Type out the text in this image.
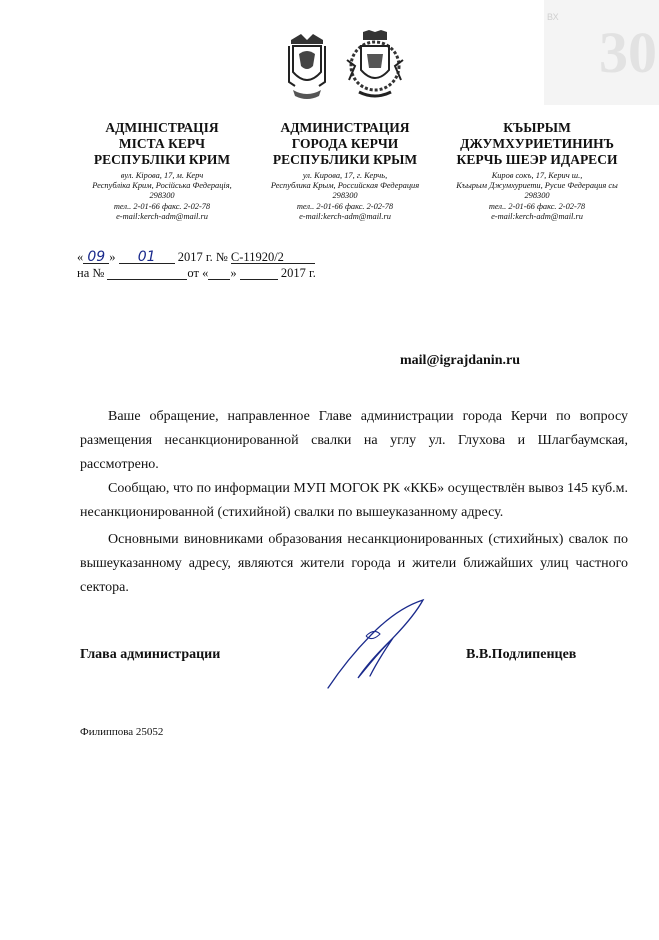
30
ВХ
АДМІНІСТРАЦІЯ
МІСТА КЕРЧ
РЕСПУБЛІКИ КРИМ
вул. Кірова, 17, м. Керч
Республіка Крим, Російська Федерація,
298300
тел.. 2-01-66 факс. 2-02-78
e-mail:kerch-adm@mail.ru
АДМИНИСТРАЦИЯ
ГОРОДА КЕРЧИ
РЕСПУБЛИКИ КРЫМ
ул. Кирова, 17, г. Керчь,
Республика Крым, Российская Федерация
298300
тел.. 2-01-66 факс. 2-02-78
e-mail:kerch-adm@mail.ru
КЪЫРЫМ
ДЖУМХУРИЕТИНИНЪ
КЕРЧЬ ШЕЭР ИДАРЕСИ
Киров сокъ, 17, Керич ш.,
Къырым Джумхуриети, Русие Федерация сы
298300
тел.. 2-01-66 факс. 2-02-78
e-mail:kerch-adm@mail.ru
« 09 » 01 2017 г. № С-11920/2
на №	от « »	2017 г.
mail@igrajdanin.ru
Ваше обращение, направленное Главе администрации города Керчи по вопросу размещения несанкционированной свалки на углу ул. Глухова и Шлагбаумская, рассмотрено.
Сообщаю, что по информации МУП МОГОК РК «ККБ» осуществлён вывоз 145 куб.м. несанкционированной (стихийной) свалки по вышеуказанному адресу.
Основными виновниками образования несанкционированных (стихийных) свалок по вышеуказанному адресу, являются жители города и жители ближайших улиц частного сектора.
Глава администрации	В.В.Подлипенцев
Филиппова 25052
